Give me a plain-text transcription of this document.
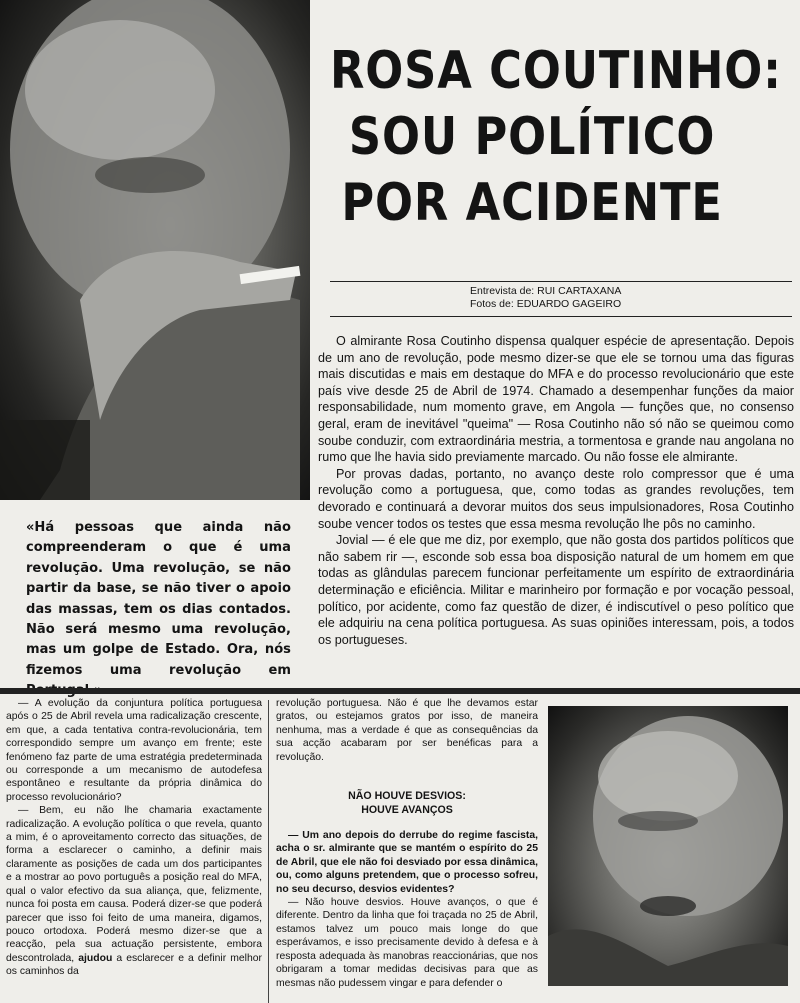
ROSA COUTINHO:
SOU POLÍTICO
POR ACIDENTE
Entrevista de: RUI CARTAXANA
Fotos de: EDUARDO GAGEIRO

O almirante Rosa Coutinho dispensa qualquer espécie de apresentação. Depois de um ano de revolução, pode mesmo dizer-se que ele se tornou uma das figuras mais discutidas e mais em destaque do MFA e do processo revolucionário que este país vive desde 25 de Abril de 1974. Chamado a desempenhar funções da maior responsabilidade, num momento grave, em Angola — funções que, no consenso geral, eram de inevitável "queima" — Rosa Coutinho não só não se queimou como soube conduzir, com extraordinária mestria, a tormentosa e grande nau angolana no rumo que lhe havia sido previamente marcado. Ou não fosse ele almirante.

Por provas dadas, portanto, no avanço deste rolo compressor que é uma revolução como a portuguesa, que, como todas as grandes revoluções, tem devorado e continuará a devorar muitos dos seus impulsionadores, Rosa Coutinho soube vencer todos os testes que essa mesma revolução lhe pôs no caminho.

Jovial — é ele que me diz, por exemplo, que não gosta dos partidos políticos que não sabem rir —, esconde sob essa boa disposição natural de um homem em que todas as glândulas parecem funcionar perfeitamente um espírito de extraordinária determinação e eficiência. Militar e marinheiro por formação e por vocação pessoal, político, por acidente, como faz questão de dizer, é indiscutível o peso político que ele adquiriu na cena política portuguesa. As suas opiniões interessam, pois, a todos os portugueses.

«Há pessoas que ainda não compreenderam o que é uma revolução. Uma revolução, se não partir da base, se não tiver o apoio das massas, tem os dias contados. Não será mesmo uma revolução, mas um golpe de Estado. Ora, nós fizemos uma revolução em

— A evolução da conjuntura política portuguesa após o 25 de Abril revela uma radicalização crescente, em que, a cada tentativa contra-revolucionária, tem correspondido sempre um avanço em frente; este fenómeno faz parte de uma estratégia predeterminada ou corresponde a um mecanismo de autodefesa espontâneo e resultante da própria dinâmica do processo revolucionário?

— Bem, eu não lhe chamaria exactamente radicalização. A evolução política o que revela, quanto a mim, é o aproveitamento correcto das situações, de forma a esclarecer o caminho, a definir mais claramente as posições de cada um dos participantes e a mostrar ao povo português a posição real do MFA, qual o valor efectivo da sua aliança, que, felizmente, nunca foi posta em causa. Poderá dizer-se que poderá parecer que isso foi feito de uma maneira, digamos, pouco ortodoxa. Poderá mesmo dizer-se que a reacção, pela sua actuação persistente, embora descontrolada, ajudou a esclarecer e a definir melhor os caminhos da

revolução portuguesa. Não é que lhe devamos estar gratos, ou estejamos gratos por isso, de maneira nenhuma, mas a verdade é que as consequências da sua acção acabaram por ser benéficas para a revolução.

NÃO HOUVE DESVIOS:
HOUVE AVANÇOS

— Um ano depois do derrube do regime fascista, acha o sr. almirante que se mantém o espírito do 25 de Abril, que ele não foi desviado por essa dinâmica, ou, como alguns pretendem, que o processo sofreu, no seu decurso, desvios evidentes?

— Não houve desvios. Houve avanços, o que é diferente. Dentro da linha que foi traçada no 25 de Abril, estamos talvez um pouco mais longe do que esperávamos, e isso precisamente devido à defesa e à resposta adequada às manobras reaccionárias, que nos obrigaram a tomar medidas decisivas para que as mesmas não pudessem vingar e para defender o
